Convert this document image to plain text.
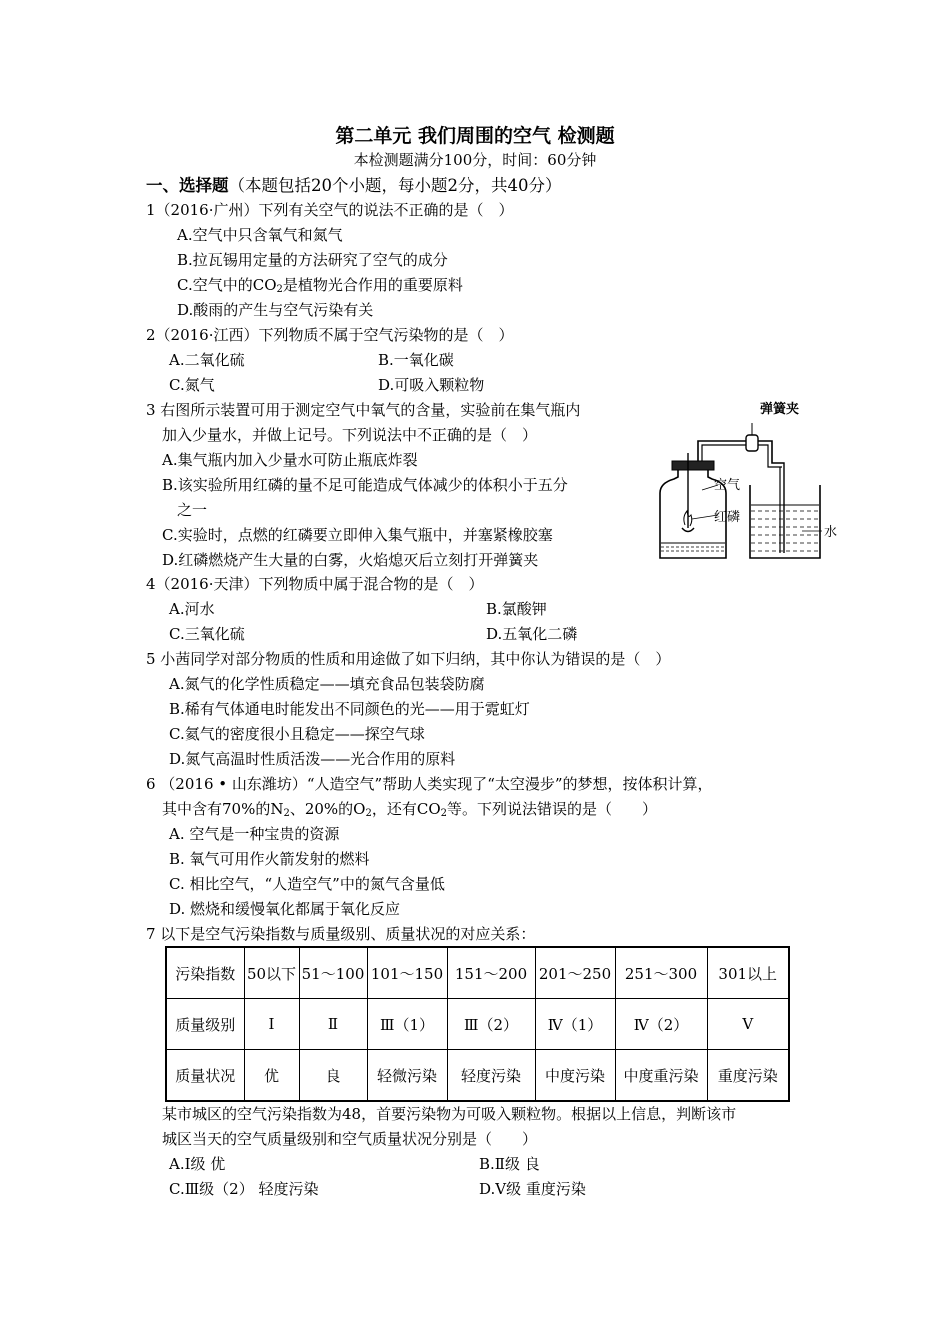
第二单元 我们周围的空气 检测题
本检测题满分100分，时间：60分钟
一、选择题（本题包括20个小题，每小题2分，共40分）
1（2016·广州）下列有关空气的说法不正确的是（　）
A.空气中只含氧气和氮气
B.拉瓦锡用定量的方法研究了空气的成分
C.空气中的$CO_2$是植物光合作用的重要原料
D.酸雨的产生与空气污染有关
2（2016·江西）下列物质不属于空气污染物的是（　）
A.二氧化硫	B.一氧化碳
C.氮气	D.可吸入颗粒物
3 右图所示装置可用于测定空气中氧气的含量，实验前在集气瓶内
加入少量水，并做上记号。下列说法中不正确的是（　）
A.集气瓶内加入少量水可防止瓶底炸裂
B.该实验所用红磷的量不足可能造成气体减少的体积小于五分
之一
C.实验时，点燃的红磷要立即伸入集气瓶中，并塞紧橡胶塞
D.红磷燃烧产生大量的白雾，火焰熄灭后立刻打开弹簧夹
弹簧夹
空气
红磷
水
4（2016·天津）下列物质中属于混合物的是（　）
A.河水	B.氯酸钾
C.三氧化硫	D.五氧化二磷
5 小茜同学对部分物质的性质和用途做了如下归纳，其中你认为错误的是（　）
A.氮气的化学性质稳定——填充食品包装袋防腐
B.稀有气体通电时能发出不同颜色的光——用于霓虹灯
C.氦气的密度很小且稳定——探空气球
D.氮气高温时性质活泼——光合作用的原料
6 （2016 • 山东潍坊）“人造空气”帮助人类实现了“太空漫步”的梦想，按体积计算，
其中含有70%的$N_2$、20%的$O_2$，还有$CO_2$等。下列说法错误的是（　　）
A. 空气是一种宝贵的资源
B. 氧气可用作火箭发射的燃料
C. 相比空气，“人造空气”中的氮气含量低
D. 燃烧和缓慢氧化都属于氧化反应
7 以下是空气污染指数与质量级别、质量状况的对应关系：
污染指数	50以下	51～100	101～150	151～200	201～250	251～300	301以上
质量级别	Ⅰ	Ⅱ	Ⅲ（1）	Ⅲ（2）	Ⅳ（1）	Ⅳ（2）	Ⅴ
质量状况	优	良	轻微污染	轻度污染	中度污染	中度重污染	重度污染
某市城区的空气污染指数为48，首要污染物为可吸入颗粒物。根据以上信息，判断该市
城区当天的空气质量级别和空气质量状况分别是（　　）
A.Ⅰ级 优	B.Ⅱ级 良
C.Ⅲ级（2） 轻度污染	D.Ⅴ级 重度污染
